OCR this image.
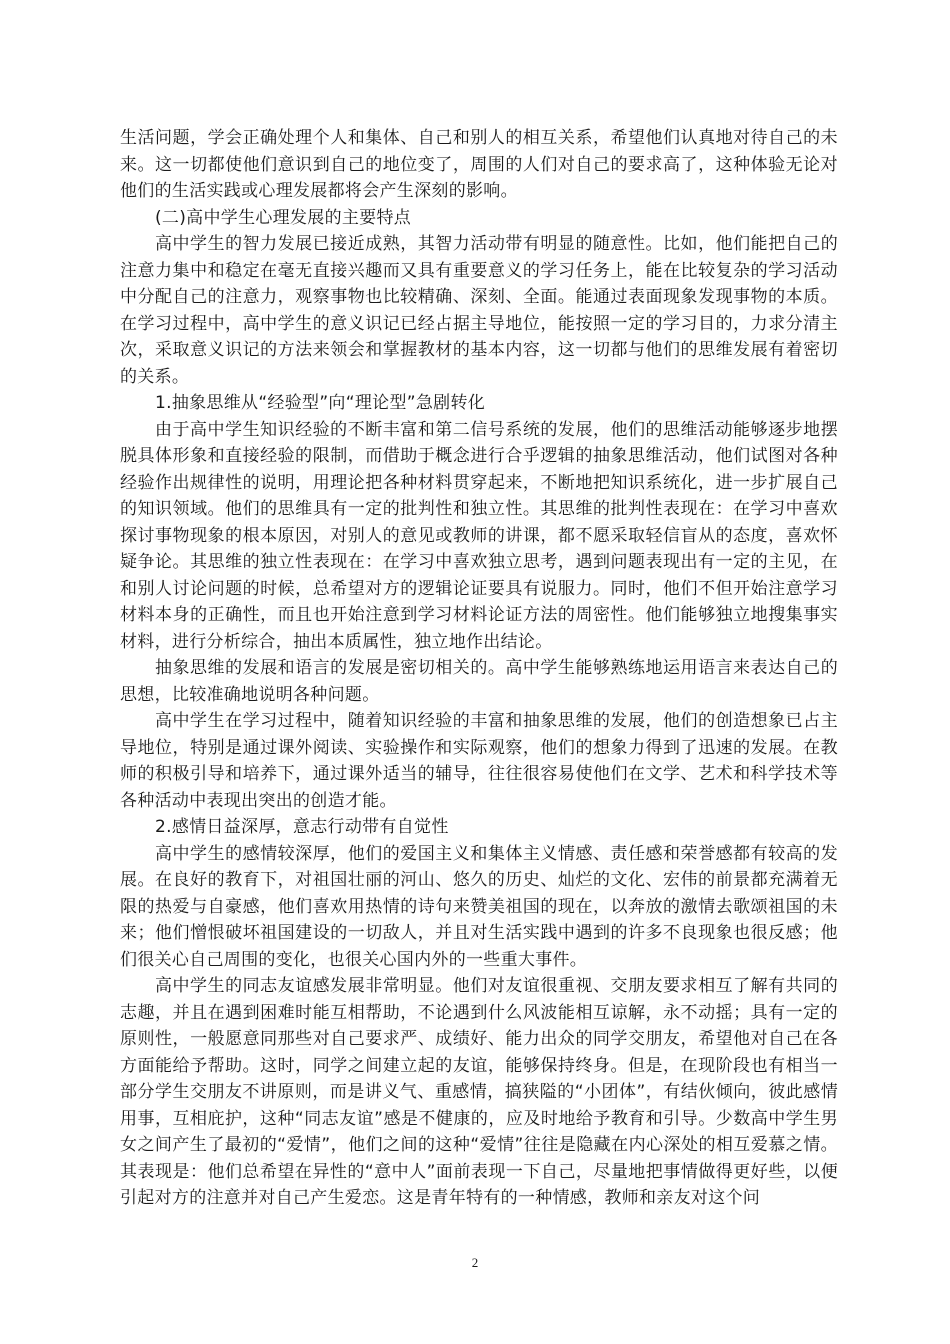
生活问题，学会正确处理个人和集体、自己和别人的相互关系，希望他们认真地对待自己的未来。这一切都使他们意识到自己的地位变了，周围的人们对自己的要求高了，这种体验无论对他们的生活实践或心理发展都将会产生深刻的影响。

(二)高中学生心理发展的主要特点

高中学生的智力发展已接近成熟，其智力活动带有明显的随意性。比如，他们能把自己的注意力集中和稳定在毫无直接兴趣而又具有重要意义的学习任务上，能在比较复杂的学习活动中分配自己的注意力，观察事物也比较精确、深刻、全面。能通过表面现象发现事物的本质。在学习过程中，高中学生的意义识记已经占据主导地位，能按照一定的学习目的，力求分清主次，采取意义识记的方法来领会和掌握教材的基本内容，这一切都与他们的思维发展有着密切的关系。

1.抽象思维从“经验型”向“理论型”急剧转化

由于高中学生知识经验的不断丰富和第二信号系统的发展，他们的思维活动能够逐步地摆脱具体形象和直接经验的限制，而借助于概念进行合乎逻辑的抽象思维活动，他们试图对各种经验作出规律性的说明，用理论把各种材料贯穿起来，不断地把知识系统化，进一步扩展自己的知识领域。他们的思维具有一定的批判性和独立性。其思维的批判性表现在：在学习中喜欢探讨事物现象的根本原因，对别人的意见或教师的讲课，都不愿采取轻信盲从的态度，喜欢怀疑争论。其思维的独立性表现在：在学习中喜欢独立思考，遇到问题表现出有一定的主见，在和别人讨论问题的时候，总希望对方的逻辑论证要具有说服力。同时，他们不但开始注意学习材料本身的正确性，而且也开始注意到学习材料论证方法的周密性。他们能够独立地搜集事实材料，进行分析综合，抽出本质属性，独立地作出结论。

抽象思维的发展和语言的发展是密切相关的。高中学生能够熟练地运用语言来表达自己的思想，比较准确地说明各种问题。

高中学生在学习过程中，随着知识经验的丰富和抽象思维的发展，他们的创造想象已占主导地位，特别是通过课外阅读、实验操作和实际观察，他们的想象力得到了迅速的发展。在教师的积极引导和培养下，通过课外适当的辅导，往往很容易使他们在文学、艺术和科学技术等各种活动中表现出突出的创造才能。

2.感情日益深厚，意志行动带有自觉性

高中学生的感情较深厚，他们的爱国主义和集体主义情感、责任感和荣誉感都有较高的发展。在良好的教育下，对祖国壮丽的河山、悠久的历史、灿烂的文化、宏伟的前景都充满着无限的热爱与自豪感，他们喜欢用热情的诗句来赞美祖国的现在，以奔放的激情去歌颂祖国的未来；他们憎恨破坏祖国建设的一切敌人，并且对生活实践中遇到的许多不良现象也很反感；他们很关心自己周围的变化，也很关心国内外的一些重大事件。

高中学生的同志友谊感发展非常明显。他们对友谊很重视、交朋友要求相互了解有共同的志趣，并且在遇到困难时能互相帮助，不论遇到什么风波能相互谅解，永不动摇；具有一定的原则性，一般愿意同那些对自己要求严、成绩好、能力出众的同学交朋友，希望他对自己在各方面能给予帮助。这时，同学之间建立起的友谊，能够保持终身。但是，在现阶段也有相当一部分学生交朋友不讲原则，而是讲义气、重感情，搞狭隘的“小团体”，有结伙倾向，彼此感情用事，互相庇护，这种“同志友谊”感是不健康的，应及时地给予教育和引导。少数高中学生男女之间产生了最初的“爱情”，他们之间的这种“爱情”往往是隐藏在内心深处的相互爱慕之情。其表现是：他们总希望在异性的“意中人”面前表现一下自己，尽量地把事情做得更好些，以便引起对方的注意并对自己产生爱恋。这是青年特有的一种情感，教师和亲友对这个问

2
